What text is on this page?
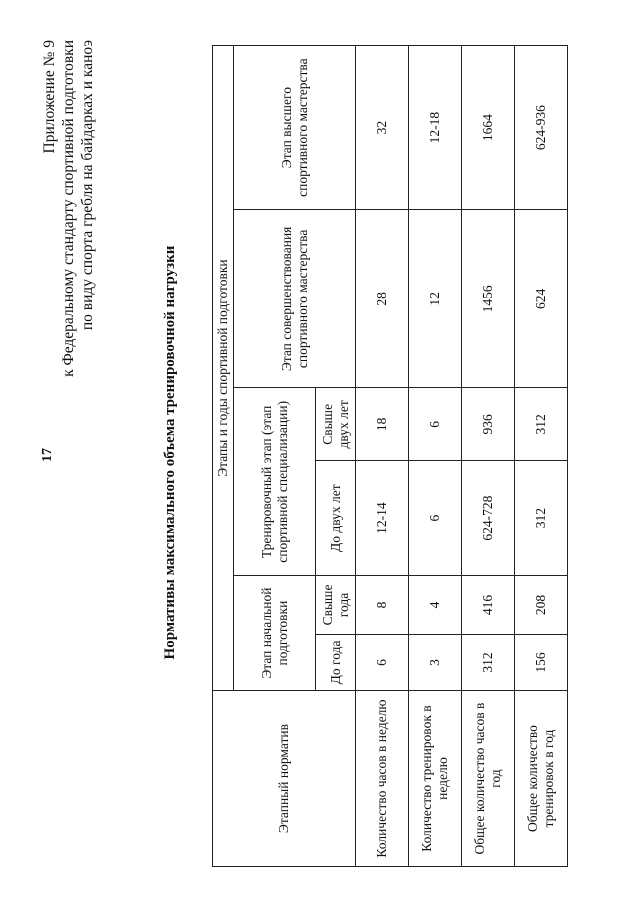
17
Приложение № 9 к Федеральному стандарту спортивной подготовки по виду спорта гребля на байдарках и каноэ
Нормативы максимального объема тренировочной нагрузки
Этапный норматив	Этапы и годы спортивной подготовки					
	Этап начальной подготовки		Тренировочный этап (этап спортивной специализации)		Этап совершенствования спортивного мастерства	Этап высшего спортивного мастерства
	До года	Свыше года	До двух лет	Свыше двух лет		
Количество часов в неделю	6	8	12-14	18	28	32
Количество тренировок в неделю	3	4	6	6	12	12-18
Общее количество часов в год	312	416	624-728	936	1456	1664
Общее количество тренировок в год	156	208	312	312	624	624-936
